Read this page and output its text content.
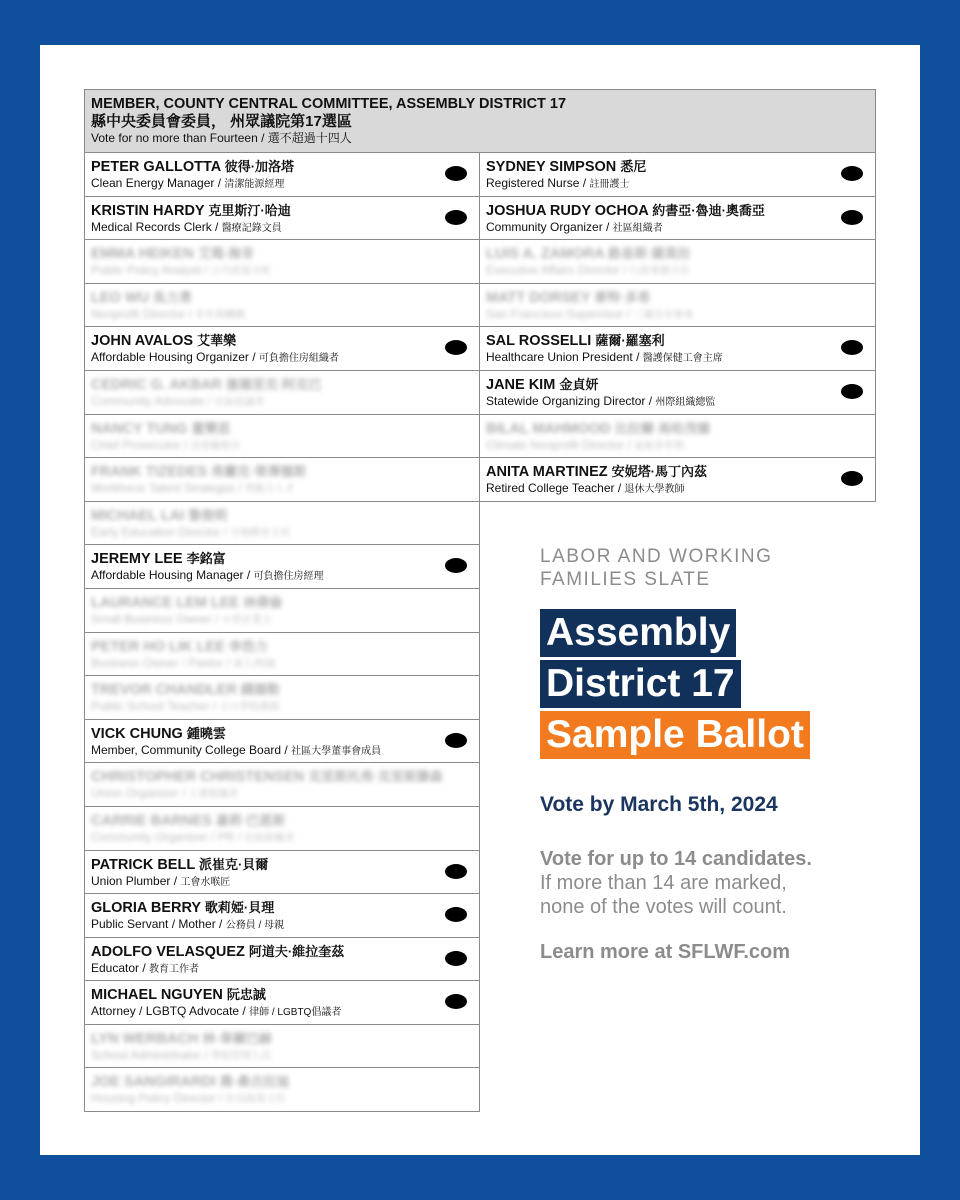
MEMBER, COUNTY CENTRAL COMMITTEE, ASSEMBLY DISTRICT 17
縣中央委員會委員， 州眾議院第17選區
Vote for no more than Fourteen / 選不超過十四人
PETER GALLOTTA 彼得·加洛塔
Clean Energy Manager / 清潔能源經理
KRISTIN HARDY 克里斯汀·哈迪
Medical Records Clerk / 醫療記錄文員
EMMA HEIKEN 艾瑪·海肯
Public Policy Analyst / 公共政策分析
LEO WU 吳力勇
Nonprofit Director / 非牟利機構
JOHN AVALOS 艾華樂
Affordable Housing Organizer / 可負擔住房組織者
CEDRIC G. AKBAR 塞德里克·阿克巴
Community Advocate / 社區倡議者
NANCY TUNG 董樂思
Chief Prosecutor / 首席檢察官
FRANK TIZEDES 弗蘭克·蒂澤德斯
Workforce Talent Strategist / 勞動力人才
MICHAEL LAI 黎俊明
Early Education Director / 早期教育主任
JEREMY LEE 李銘富
Affordable Housing Manager / 可負擔住房經理
LAURANCE LEM LEE 林偉倫
Small Business Owner / 小型企業主
PETER HO LIK LEE 李浩力
Business Owner / Pastor / 商人/牧師
TREVOR CHANDLER 錢德勒
Public School Teacher / 公立學校教師
VICK CHUNG 鍾曉雲
Member, Community College Board / 社區大學董事會成員
CHRISTOPHER CHRISTENSEN 克里斯托弗·克里斯滕森
Union Organizer / 工會組織者
CARRIE BARNES 嘉莉·巴恩斯
Community Organizer / PR / 社區組織者
PATRICK BELL 派崔克·貝爾
Union Plumber / 工會水喉匠
GLORIA BERRY 歌莉婭·貝理
Public Servant / Mother / 公務員 / 母親
ADOLFO VELASQUEZ 阿道夫·維拉奎茲
Educator / 教育工作者
MICHAEL NGUYEN 阮忠誠
Attorney / LGBTQ Advocate / 律師 / LGBTQ倡議者
LYN WERBACH 林·韋爾巴赫
School Administrator / 學校管理人員
JOE SANGIRARDI 喬·桑吉拉迪
Housing Policy Director / 住房政策主任
SYDNEY SIMPSON 悉尼
Registered Nurse / 註冊護士
JOSHUA RUDY OCHOA 約書亞·魯迪·奧喬亞
Community Organizer / 社區組織者
LUIS A. ZAMORA 路易斯·薩莫拉
Executive Affairs Director / 行政事務主任
MATT DORSEY 麥特·多希
San Francisco Supervisor / 三藩市市參事
SAL ROSSELLI 薩爾·羅塞利
Healthcare Union President / 醫護保健工會主席
JANE KIM 金貞妍
Statewide Organizing Director / 州際組織總監
BILAL MAHMOOD 比拉爾·馬哈茂德
Climate Nonprofit Director / 氣候非牟利
ANITA MARTINEZ 安妮塔·馬丁內茲
Retired College Teacher / 退休大學教師
LABOR AND WORKING
FAMILIES SLATE
Assembly
District 17
Sample Ballot
Vote by March 5th, 2024
Vote for up to 14 candidates.
If more than 14 are marked,
none of the votes will count.
Learn more at SFLWF.com
